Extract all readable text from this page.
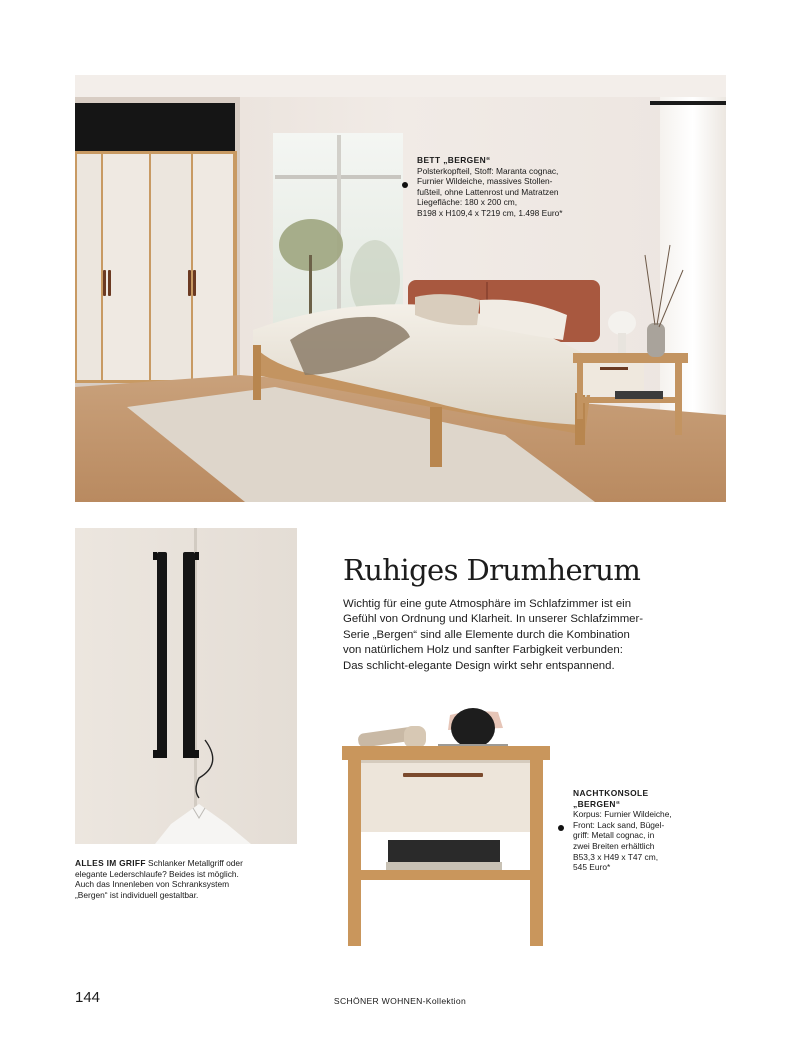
BETT „BERGEN“
Polsterkopfteil, Stoff: Maranta cognac,
Furnier Wildeiche, massives Stollen-
fußteil, ohne Lattenrost und Matratzen
Liegefläche: 180 x 200 cm,
B198 x H109,4 x T219 cm, 1.498 Euro*
ALLES IM GRIFF Schlanker Metallgriff oder
elegante Lederschlaufe? Beides ist möglich.
Auch das Innenleben von Schranksystem
„Bergen“ ist individuell gestaltbar.
Ruhiges Drumherum
Wichtig für eine gute Atmosphäre im Schlafzimmer ist ein
Gefühl von Ordnung und Klarheit. In unserer Schlafzimmer-
Serie „Bergen“ sind alle Elemente durch die Kombination
von natürlichem Holz und sanfter Farbigkeit verbunden:
Das schlicht-elegante Design wirkt sehr entspannend.
NACHTKONSOLE
„BERGEN“
Korpus: Furnier Wildeiche,
Front: Lack sand, Bügel-
griff: Metall cognac, in
zwei Breiten erhältlich
B53,3 x H49 x T47 cm,
545 Euro*
144	SCHÖNER WOHNEN-Kollektion
